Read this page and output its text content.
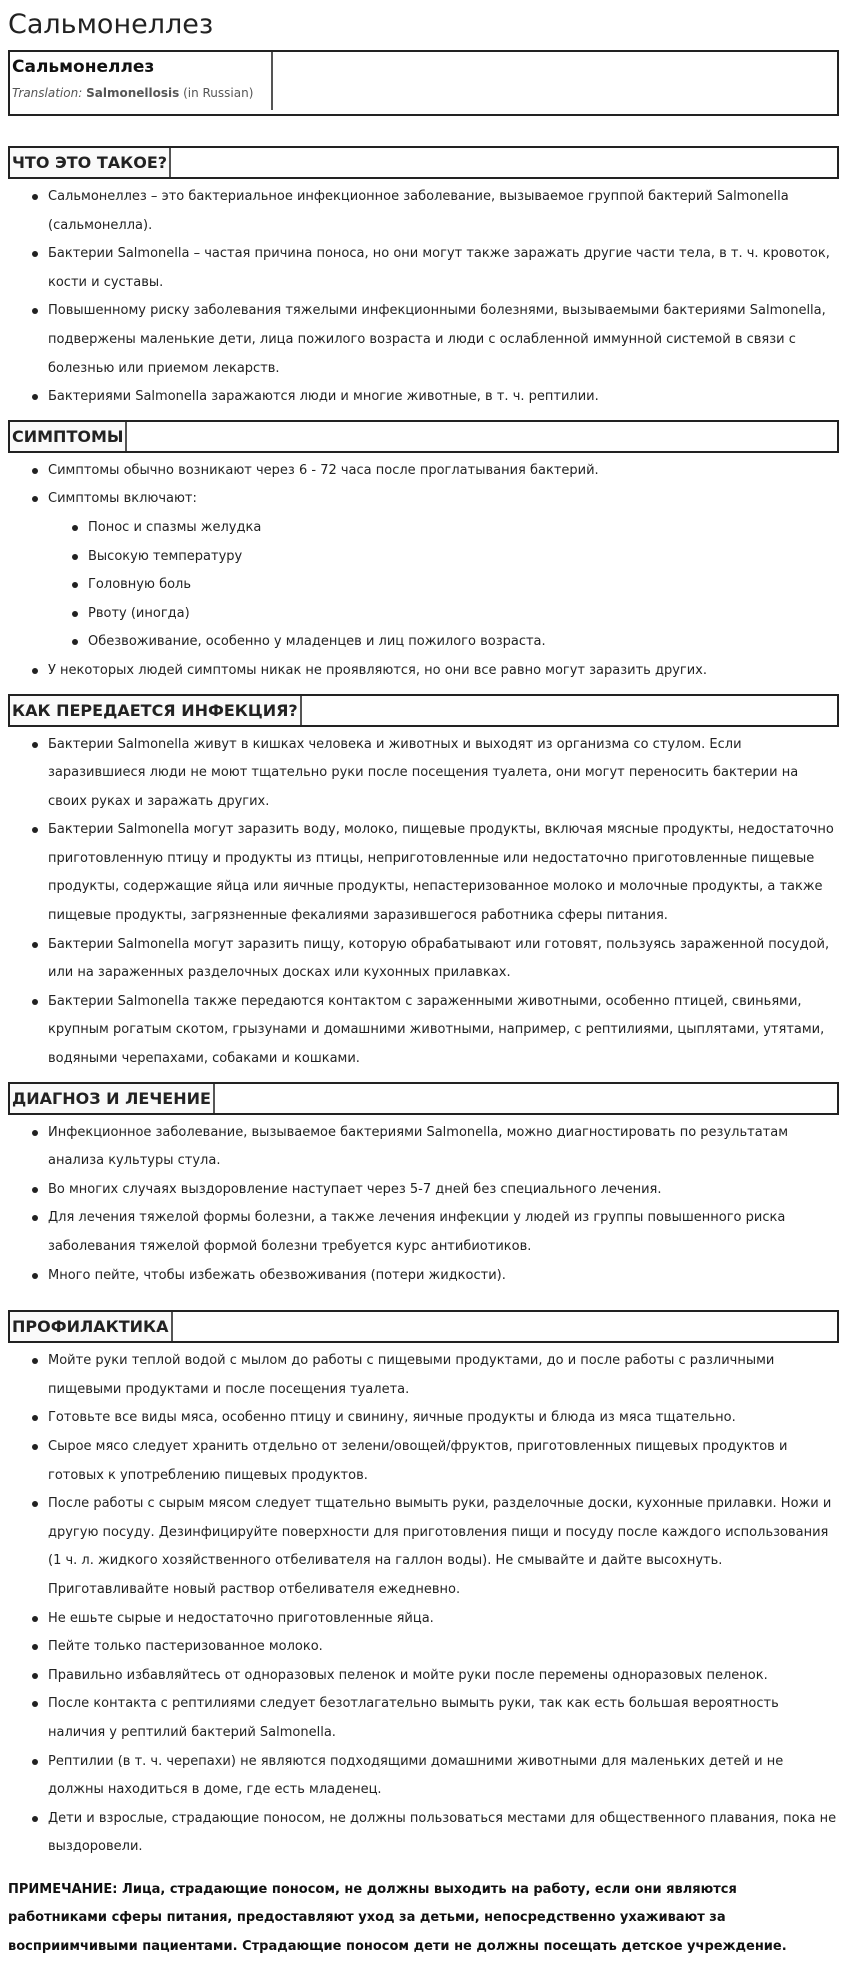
Сальмонеллез
Сальмонеллез
Translation: Salmonellosis (in Russian)
ЧТО ЭТО ТАКОЕ?
Сальмонеллез – это бактериальное инфекционное заболевание, вызываемое группой бактерий Salmonella (сальмонелла).
Бактерии Salmonella – частая причина поноса, но они могут также заражать другие части тела, в т. ч. кровоток, кости и суставы.
Повышенному риску заболевания тяжелыми инфекционными болезнями, вызываемыми бактериями Salmonella, подвержены маленькие дети, лица пожилого возраста и люди с ослабленной иммунной системой в связи с болезнью или приемом лекарств.
Бактериями Salmonella заражаются люди и многие животные, в т. ч. рептилии.
СИМПТОМЫ
Симптомы обычно возникают через 6 - 72 часа после проглатывания бактерий.
Симптомы включают:
Понос и спазмы желудка
Высокую температуру
Головную боль
Рвоту (иногда)
Обезвоживание, особенно у младенцев и лиц пожилого возраста.
У некоторых людей симптомы никак не проявляются, но они все равно могут заразить других.
КАК ПЕРЕДАЕТСЯ ИНФЕКЦИЯ?
Бактерии Salmonella живут в кишках человека и животных и выходят из организма со стулом. Если заразившиеся люди не моют тщательно руки после посещения туалета, они могут переносить бактерии на своих руках и заражать других.
Бактерии Salmonella могут заразить воду, молоко, пищевые продукты, включая мясные продукты, недостаточно приготовленную птицу и продукты из птицы, неприготовленные или недостаточно приготовленные пищевые продукты, содержащие яйца или яичные продукты, непастеризованное молоко и молочные продукты, а также пищевые продукты, загрязненные фекалиями заразившегося работника сферы питания.
Бактерии Salmonella могут заразить пищу, которую обрабатывают или готовят, пользуясь зараженной посудой, или на зараженных разделочных досках или кухонных прилавках.
Бактерии Salmonella также передаются контактом с зараженными животными, особенно птицей, свиньями, крупным рогатым скотом, грызунами и домашними животными, например, с рептилиями, цыплятами, утятами, водяными черепахами, собаками и кошками.
ДИАГНОЗ И ЛЕЧЕНИЕ
Инфекционное заболевание, вызываемое бактериями Salmonella, можно диагностировать по результатам анализа культуры стула.
Во многих случаях выздоровление наступает через 5-7 дней без специального лечения.
Для лечения тяжелой формы болезни, а также лечения инфекции у людей из группы повышенного риска заболевания тяжелой формой болезни требуется курс антибиотиков.
Много пейте, чтобы избежать обезвоживания (потери жидкости).
ПРОФИЛАКТИКА
Мойте руки теплой водой с мылом до работы с пищевыми продуктами, до и после работы с различными пищевыми продуктами и после посещения туалета.
Готовьте все виды мяса, особенно птицу и свинину, яичные продукты и блюда из мяса тщательно.
Сырое мясо следует хранить отдельно от зелени/овощей/фруктов, приготовленных пищевых продуктов и готовых к употреблению пищевых продуктов.
После работы с сырым мясом следует тщательно вымыть руки, разделочные доски, кухонные прилавки. Ножи и другую посуду. Дезинфицируйте поверхности для приготовления пищи и посуду после каждого использования (1 ч. л. жидкого хозяйственного отбеливателя на галлон воды). Не смывайте и дайте высохнуть. Приготавливайте новый раствор отбеливателя ежедневно.
Не ешьте сырые и недостаточно приготовленные яйца.
Пейте только пастеризованное молоко.
Правильно избавляйтесь от одноразовых пеленок и мойте руки после перемены одноразовых пеленок.
После контакта с рептилиями следует безотлагательно вымыть руки, так как есть большая вероятность наличия у рептилий бактерий Salmonella.
Рептилии (в т. ч. черепахи) не являются подходящими домашними животными для маленьких детей и не должны находиться в доме, где есть младенец.
Дети и взрослые, страдающие поносом, не должны пользоваться местами для общественного плавания, пока не выздоровели.
ПРИМЕЧАНИЕ: Лица, страдающие поносом, не должны выходить на работу, если они являются работниками сферы питания, предоставляют уход за детьми, непосредственно ухаживают за восприимчивыми пациентами. Страдающие поносом дети не должны посещать детское учреждение.
